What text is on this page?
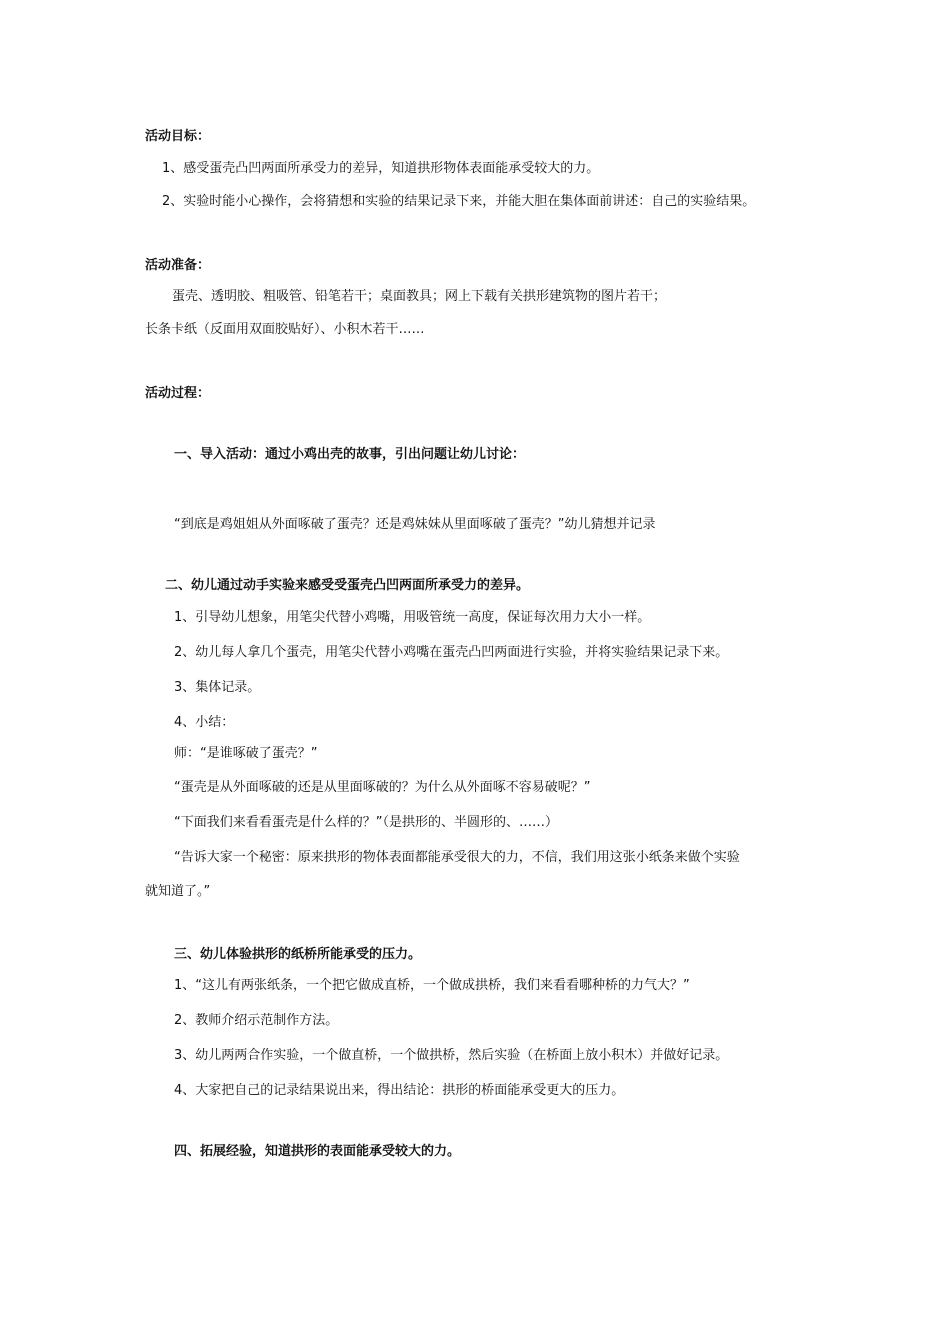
活动目标：
1、感受蛋壳凸凹两面所承受力的差异，知道拱形物体表面能承受较大的力。
2、实验时能小心操作，会将猜想和实验的结果记录下来，并能大胆在集体面前讲述：自己的实验结果。
活动准备：
蛋壳、透明胶、粗吸管、铅笔若干；桌面教具；网上下载有关拱形建筑物的图片若干；
长条卡纸（反面用双面胶贴好）、小积木若干……
活动过程：
一、导入活动：通过小鸡出壳的故事，引出问题让幼儿讨论：
“到底是鸡姐姐从外面啄破了蛋壳？还是鸡妹妹从里面啄破了蛋壳？”幼儿猜想并记录
二、幼儿通过动手实验来感受受蛋壳凸凹两面所承受力的差异。
1、引导幼儿想象，用笔尖代替小鸡嘴，用吸管统一高度，保证每次用力大小一样。
2、幼儿每人拿几个蛋壳，用笔尖代替小鸡嘴在蛋壳凸凹两面进行实验，并将实验结果记录下来。
3、集体记录。
4、小结：
师：“是谁啄破了蛋壳？”
“蛋壳是从外面啄破的还是从里面啄破的？为什么从外面啄不容易破呢？”
“下面我们来看看蛋壳是什么样的？”（是拱形的、半圆形的、……）
“告诉大家一个秘密：原来拱形的物体表面都能承受很大的力，不信，我们用这张小纸条来做个实验
就知道了。”
三、幼儿体验拱形的纸桥所能承受的压力。
1、“这儿有两张纸条，一个把它做成直桥，一个做成拱桥，我们来看看哪种桥的力气大？”
2、教师介绍示范制作方法。
3、幼儿两两合作实验，一个做直桥，一个做拱桥，然后实验（在桥面上放小积木）并做好记录。
4、大家把自己的记录结果说出来，得出结论：拱形的桥面能承受更大的压力。
四、拓展经验，知道拱形的表面能承受较大的力。
